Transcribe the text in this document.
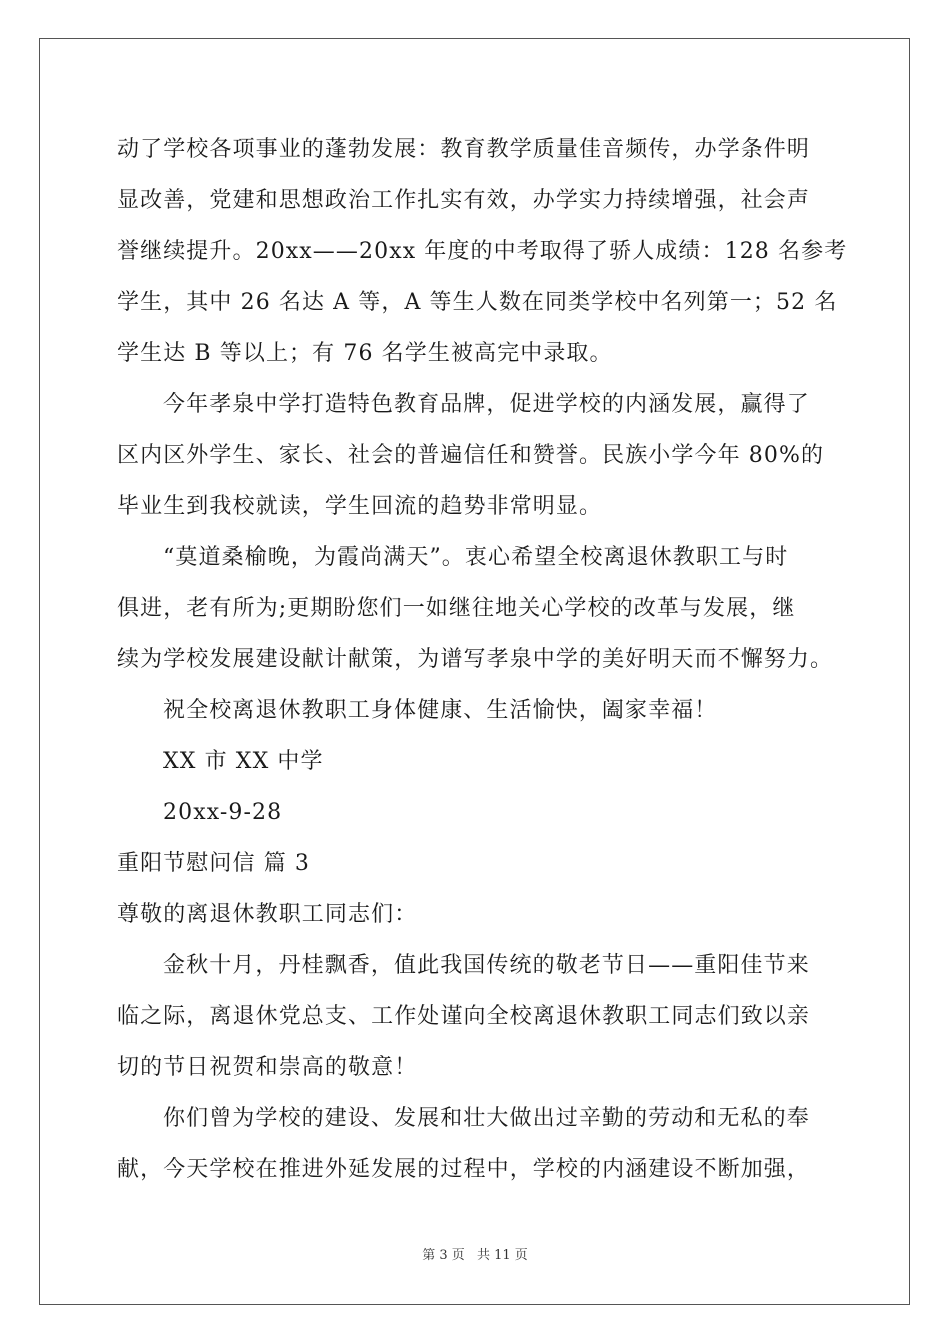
动了学校各项事业的蓬勃发展：教育教学质量佳音频传，办学条件明
显改善，党建和思想政治工作扎实有效，办学实力持续增强，社会声
誉继续提升。20xx——20xx 年度的中考取得了骄人成绩：128 名参考
学生，其中 26 名达 A 等，A 等生人数在同类学校中名列第一；52 名
学生达 B 等以上；有 76 名学生被高完中录取。
今年孝泉中学打造特色教育品牌，促进学校的内涵发展，赢得了
区内区外学生、家长、社会的普遍信任和赞誉。民族小学今年 80%的
毕业生到我校就读，学生回流的趋势非常明显。
“莫道桑榆晚，为霞尚满天”。衷心希望全校离退休教职工与时
俱进，老有所为;更期盼您们一如继往地关心学校的改革与发展，继
续为学校发展建设献计献策，为谱写孝泉中学的美好明天而不懈努力。
祝全校离退休教职工身体健康、生活愉快，阖家幸福！
XX 市 XX 中学
20xx-9-28
重阳节慰问信 篇 3
尊敬的离退休教职工同志们：
金秋十月，丹桂飘香，值此我国传统的敬老节日——重阳佳节来
临之际，离退休党总支、工作处谨向全校离退休教职工同志们致以亲
切的节日祝贺和崇高的敬意！
你们曾为学校的建设、发展和壮大做出过辛勤的劳动和无私的奉
献，今天学校在推进外延发展的过程中，学校的内涵建设不断加强，
第 3 页 共 11 页
